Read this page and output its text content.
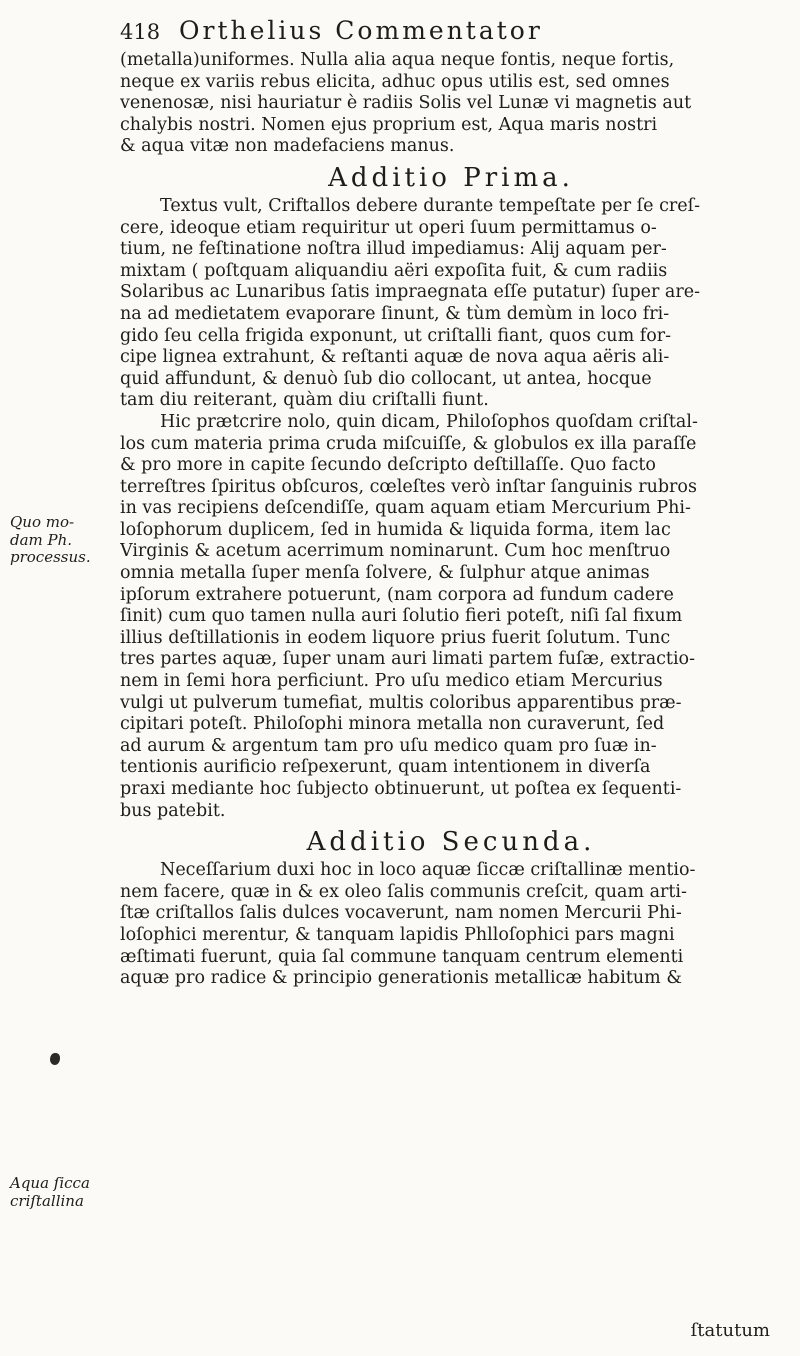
418 Orthelius Commentator
(metalla)uniformes. Nulla alia aqua neque fontis, neque fortis,
neque ex variis rebus elicita, adhuc opus utilis est, sed omnes
venenosæ, nisi hauriatur è radiis Solis vel Lunæ vi magnetis aut
chalybis nostri. Nomen ejus proprium est, Aqua maris nostri
& aqua vitæ non madefaciens manus.
Additio Prima.
Textus vult, Criftallos debere durante tempeſtate per ſe creſ-
cere, ideoque etiam requiritur ut operi ſuum permittamus o-
tium, ne feſtinatione noſtra illud impediamus: Alij aquam per-
mixtam ( poſtquam aliquandiu aëri expoſita fuit, & cum radiis
Solaribus ac Lunaribus ſatis impraegnata eſſe putatur) ſuper are-
na ad medietatem evaporare ſinunt, & tùm demùm in loco fri-
gido ſeu cella frigida exponunt, ut criſtalli fiant, quos cum for-
cipe lignea extrahunt, & reſtanti aquæ de nova aqua aëris ali-
quid affundunt, & denuò ſub dio collocant, ut antea, hocque
tam diu reiterant, quàm diu criſtalli fiunt.
Hic prætcrire nolo, quin dicam, Philoſophos quoſdam criſtal-
los cum materia prima cruda miſcuiſſe, & globulos ex illa paraſſe
& pro more in capite ſecundo deſcripto deſtillaſſe. Quo facto
terreſtres ſpiritus obſcuros, cœleſtes verò inſtar ſanguinis rubros
in vas recipiens deſcendiſſe, quam aquam etiam Mercurium Phi-
loſophorum duplicem, ſed in humida & liquida forma, item lac
Virginis & acetum acerrimum nominarunt. Cum hoc menſtruo
omnia metalla ſuper menſa ſolvere, & ſulphur atque animas
ipſorum extrahere potuerunt, (nam corpora ad fundum cadere
ſinit) cum quo tamen nulla auri ſolutio fieri poteſt, niſi ſal fixum
illius deſtillationis in eodem liquore prius fuerit ſolutum. Tunc
tres partes aquæ, ſuper unam auri limati partem fuſæ, extractio-
nem in ſemi hora perficiunt. Pro uſu medico etiam Mercurius
vulgi ut pulverum tumefiat, multis coloribus apparentibus præ-
cipitari poteſt. Philoſophi minora metalla non curaverunt, ſed
ad aurum & argentum tam pro uſu medico quam pro ſuæ in-
tentionis aurificio reſpexerunt, quam intentionem in diverſa
praxi mediante hoc ſubjecto obtinuerunt, ut poſtea ex ſequenti-
bus patebit.
Additio Secunda.
Neceſſarium duxi hoc in loco aquæ ſiccæ criſtallinæ mentio-
nem facere, quæ in & ex oleo ſalis communis creſcit, quam arti-
ſtæ criſtallos ſalis dulces vocaverunt, nam nomen Mercurii Phi-
loſophici merentur, & tanquam lapidis Phlloſophici pars magni
æſtimati fuerunt, quia ſal commune tanquam centrum elementi
aquæ pro radice & principio generationis metallicæ habitum &
Quo mo-
dam Ph.
processus.
Aqua ſicca
criſtallina
ſtatutum
